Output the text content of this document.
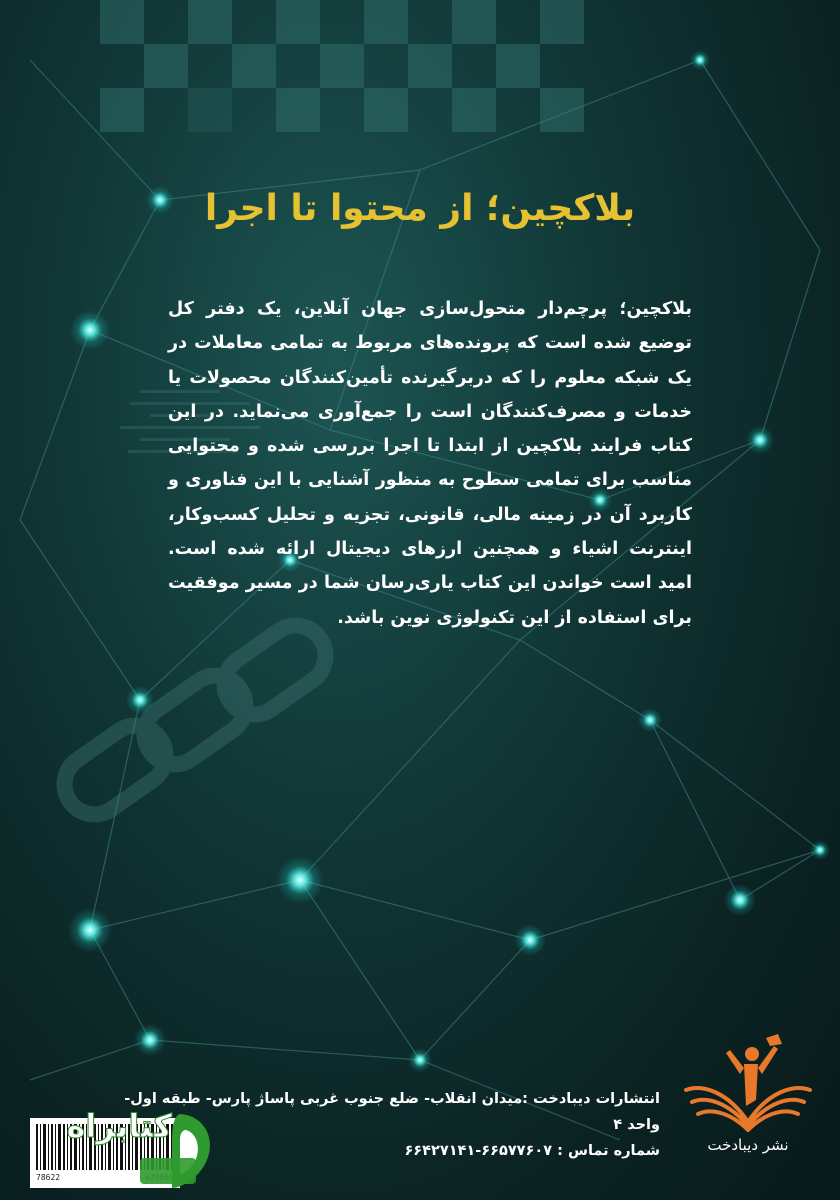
بلاکچین؛ از محتوا تا اجرا
بلاکچین؛ پرچم‌دار متحول‌سازی جهان آنلاین، یک دفتر کل توضیع شده است که پرونده‌های مربوط به تمامی معاملات در یک شبکه معلوم را که دربرگیرنده تأمین‌کنندگان محصولات یا خدمات و مصرف‌کنندگان است را جمع‌آوری می‌نماید. در این کتاب فرایند بلاکچین از ابتدا تا اجرا بررسی شده و محتوایی مناسب برای تمامی سطوح به منظور آشنایی با این فناوری و کاربرد آن در زمینه مالی، قانونی، تجزیه و تحلیل کسب‌وکار، اینترنت اشیاء و همچنین ارزهای دیجیتال ارائه شده است. امید است خواندن این کتاب یاری‌رسان شما در مسیر موفقیت برای استفاده از این تکنولوژی نوین باشد.
انتشارات دیبادخت :میدان انقلاب- ضلع جنوب غربی پاساژ پارس- طبقه اول- واحد ۴
شماره تماس : ۶۶۵۷۷۶۰۷-۶۶۴۲۷۱۴۱	نشر دیبادخت
78622
کتابراه
